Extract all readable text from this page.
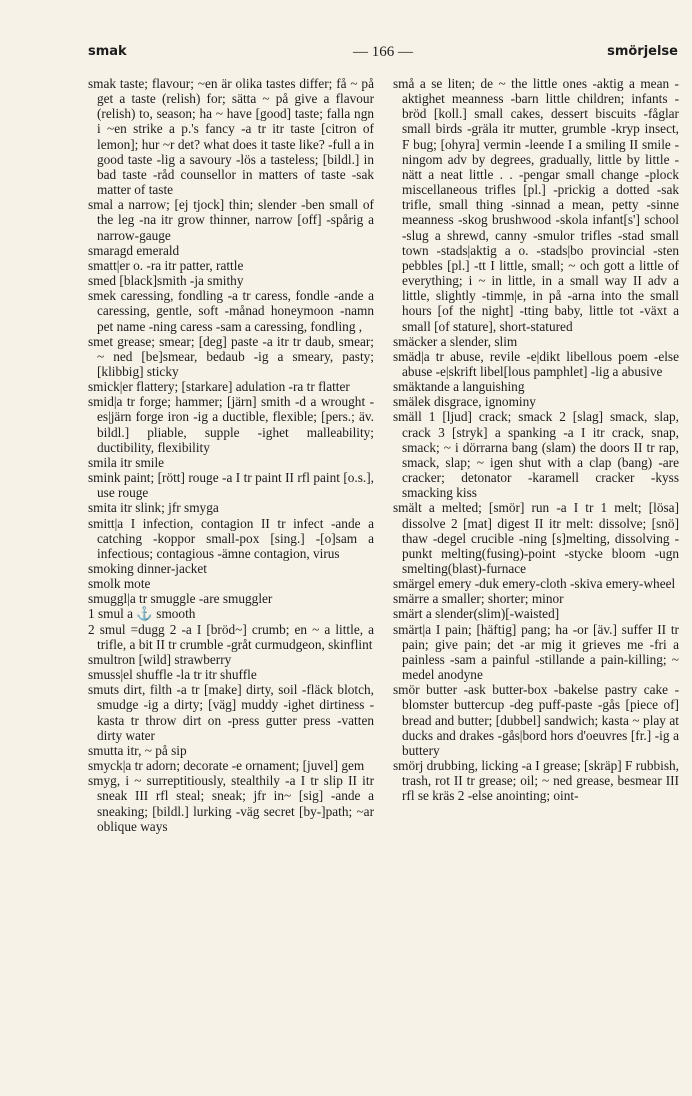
smak	— 166 —	smörjelse

smak taste; flavour; ~en är olika tastes differ; få ~ på get a taste (relish) for; sätta ~ på give a flavour (relish) to, season; ha ~ have [good] taste; falla ngn i ~en strike a p.'s fancy -a tr itr taste [citron of lemon]; hur ~r det? what does it taste like? -full a in good taste -lig a savoury -lös a tasteless; [bildl.] in bad taste -råd counsellor in matters of taste -sak matter of taste

smal a narrow; [ej tjock] thin; slender -ben small of the leg -na itr grow thinner, narrow [off] -spårig a narrow-gauge

smaragd emerald

smatt|er o. -ra itr patter, rattle

smed [black]smith -ja smithy

smek caressing, fondling -a tr caress, fondle -ande a caressing, gentle, soft -månad honeymoon -namn pet name -ning caress -sam a caressing, fondling ,

smet grease; smear; [deg] paste -a itr tr daub, smear; ~ ned [be]smear, bedaub -ig a smeary, pasty; [klibbig] sticky

smick|er flattery; [starkare] adulation -ra tr flatter

smid|a tr forge; hammer; [järn] smith -d a wrought -es|järn forge iron -ig a ductible, flexible; [pers.; äv. bildl.] pliable, supple -ighet malleability; ductibility, flexibility

smila itr smile

smink paint; [rött] rouge -a I tr paint II rfl paint [o.s.], use rouge

smita itr slink; jfr smyga

smitt|a I infection, contagion II tr infect -ande a catching -koppor small-pox [sing.] -[o]sam a infectious; contagious -ämne contagion, virus

smoking dinner-jacket

smolk mote

smuggl|a tr smuggle -are smuggler

1 smul a ⚓ smooth

2 smul =dugg 2 -a I [bröd~] crumb; en ~ a little, a trifle, a bit II tr crumble -gråt curmudgeon, skinflint

smultron [wild] strawberry

smuss|el shuffle -la tr itr shuffle

smuts dirt, filth -a tr [make] dirty, soil -fläck blotch, smudge -ig a dirty; [väg] muddy -ighet dirtiness -kasta tr throw dirt on -press gutter press -vatten dirty water

smutta itr, ~ på sip

smyck|a tr adorn; decorate -e ornament; [juvel] gem

smyg, i ~ surreptitiously, stealthily -a I tr slip II itr sneak III rfl steal; sneak; jfr in~ [sig] -ande a sneaking; [bildl.] lurking -väg secret [by-]path; ~ar oblique ways

små a se liten; de ~ the little ones -aktig a mean -aktighet meanness -barn little children; infants -bröd [koll.] small cakes, dessert biscuits -fåglar small birds -gräla itr mutter, grumble -kryp insect, F bug; [ohyra] vermin -leende I a smiling II smile -ningom adv by degrees, gradually, little by little -nätt a neat little . . -pengar small change -plock miscellaneous trifles [pl.] -prickig a dotted -sak trifle, small thing -sinnad a mean, petty -sinne meanness -skog brushwood -skola infant[s'] school -slug a shrewd, canny -smulor trifles -stad small town -stads|aktig a o. -stads|bo provincial -sten pebbles [pl.] -tt I little, small; ~ och gott a little of everything; i ~ in little, in a small way II adv a little, slightly -timm|e, in på -arna into the small hours [of the night] -tting baby, little tot -växt a small [of stature], short-statured

smäcker a slender, slim

smäd|a tr abuse, revile -e|dikt libellous poem -else abuse -e|skrift libel[lous pamphlet] -lig a abusive

smäktande a languishing

smälek disgrace, ignominy

smäll 1 [ljud] crack; smack 2 [slag] smack, slap, crack 3 [stryk] a spanking -a I itr crack, snap, smack; ~ i dörrarna bang (slam) the doors II tr rap, smack, slap; ~ igen shut with a clap (bang) -are cracker; detonator -karamell cracker -kyss smacking kiss

smält a melted; [smör] run -a I tr 1 melt; [lösa] dissolve 2 [mat] digest II itr melt: dissolve; [snö] thaw -degel crucible -ning [s]melting, dissolving -punkt melting(fusing)-point -stycke bloom -ugn smelting(blast)-furnace

smärgel emery -duk emery-cloth -skiva emery-wheel

smärre a smaller; shorter; minor

smärt a slender(slim)[-waisted]

smärt|a I pain; [häftig] pang; ha -or [äv.] suffer II tr pain; give pain; det -ar mig it grieves me -fri a painless -sam a painful -stillande a pain-killing; ~ medel anodyne

smör butter -ask butter-box -bakelse pastry cake -blomster buttercup -deg puff-paste -gås [piece of] bread and butter; [dubbel] sandwich; kasta ~ play at ducks and drakes -gås|bord hors d'oeuvres [fr.] -ig a buttery

smörj drubbing, licking -a I grease; [skräp] F rubbish, trash, rot II tr grease; oil; ~ ned grease, besmear III rfl se kräs 2 -else anointing; oint-
